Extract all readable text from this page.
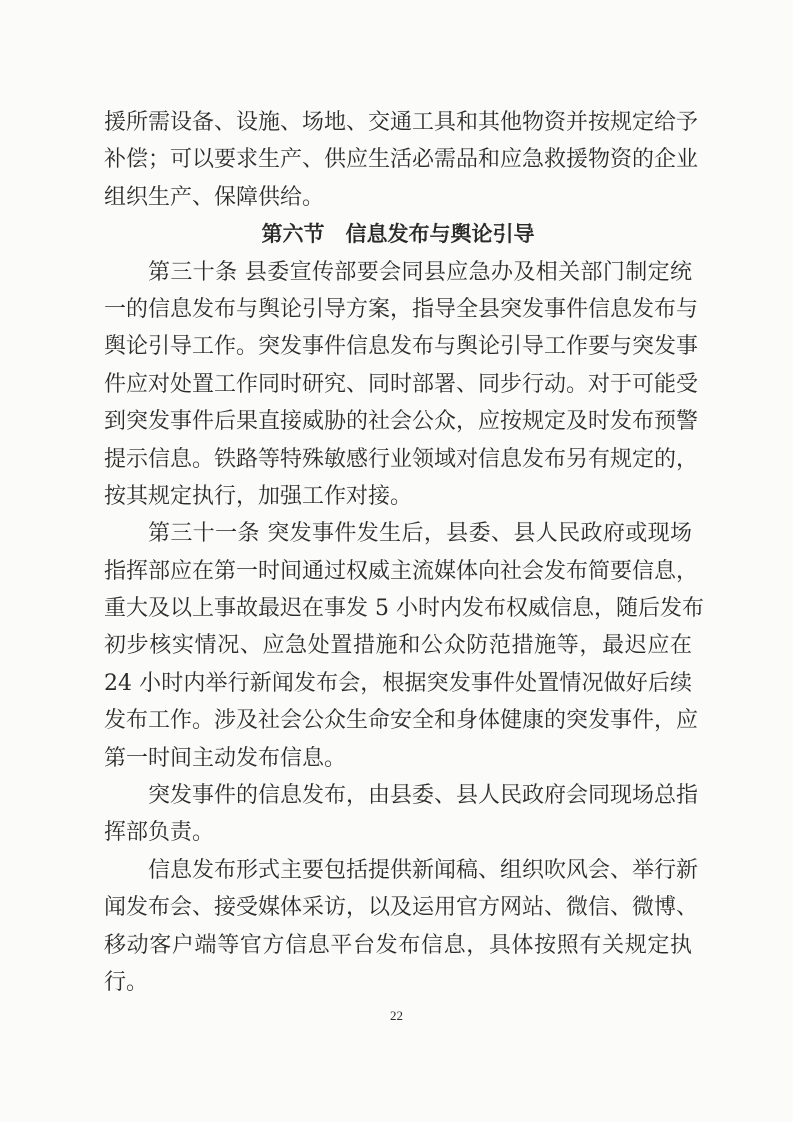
援所需设备、设施、场地、交通工具和其他物资并按规定给予
补偿；可以要求生产、供应生活必需品和应急救援物资的企业
组织生产、保障供给。
第六节　信息发布与舆论引导
第三十条 县委宣传部要会同县应急办及相关部门制定统
一的信息发布与舆论引导方案，指导全县突发事件信息发布与
舆论引导工作。突发事件信息发布与舆论引导工作要与突发事
件应对处置工作同时研究、同时部署、同步行动。对于可能受
到突发事件后果直接威胁的社会公众，应按规定及时发布预警
提示信息。铁路等特殊敏感行业领域对信息发布另有规定的，
按其规定执行，加强工作对接。
第三十一条 突发事件发生后，县委、县人民政府或现场
指挥部应在第一时间通过权威主流媒体向社会发布简要信息，
重大及以上事故最迟在事发 5 小时内发布权威信息，随后发布
初步核实情况、应急处置措施和公众防范措施等，最迟应在
24 小时内举行新闻发布会，根据突发事件处置情况做好后续
发布工作。涉及社会公众生命安全和身体健康的突发事件，应
第一时间主动发布信息。
突发事件的信息发布，由县委、县人民政府会同现场总指
挥部负责。
信息发布形式主要包括提供新闻稿、组织吹风会、举行新
闻发布会、接受媒体采访，以及运用官方网站、微信、微博、
移动客户端等官方信息平台发布信息，具体按照有关规定执
行。
22
